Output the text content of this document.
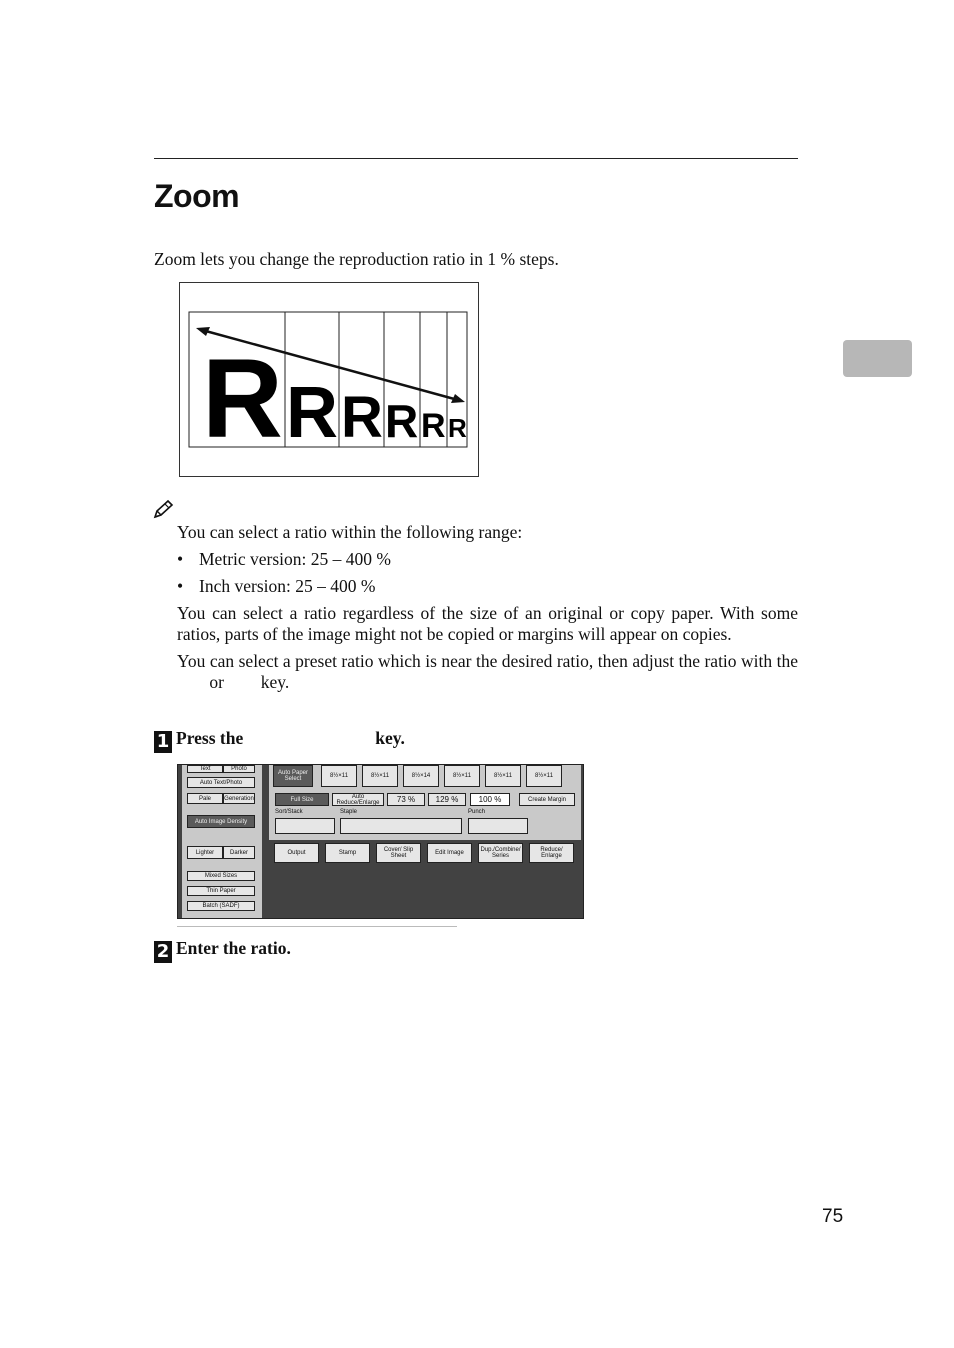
Zoom

Zoom lets you change the reproduction ratio in 1 % steps.

R R R R R R

You can select a ratio within the following range:

• Metric version: 25 – 400 %
• Inch version: 25 – 400 %

You can select a ratio regardless of the size of an original or copy paper. With some ratios, parts of the image might not be copied or margins will appear on copies.

You can select a preset ratio which is near the desired ratio, then adjust the ratio with the  or key.

1 Press the	key.
Text	Photo
Auto Text/Photo
Pale	Generation
Auto Image Density
Lighter	Darker
Mixed Sizes
Thin Paper
Batch (SADF)
Auto Paper Select	8½×11	8½×11	8½×14	8½×11	8½×11	8½×11
Full Size	Auto Reduce/Enlarge	73 %	129 %	100 %	Create Margin
Sort/Stack	Staple	Punch
Output	Stamp	Cover/ Slip Sheet	Edit Image	Dup./Combine/ Series
Reduce/ Enlarge
2 Enter the ratio.
75
